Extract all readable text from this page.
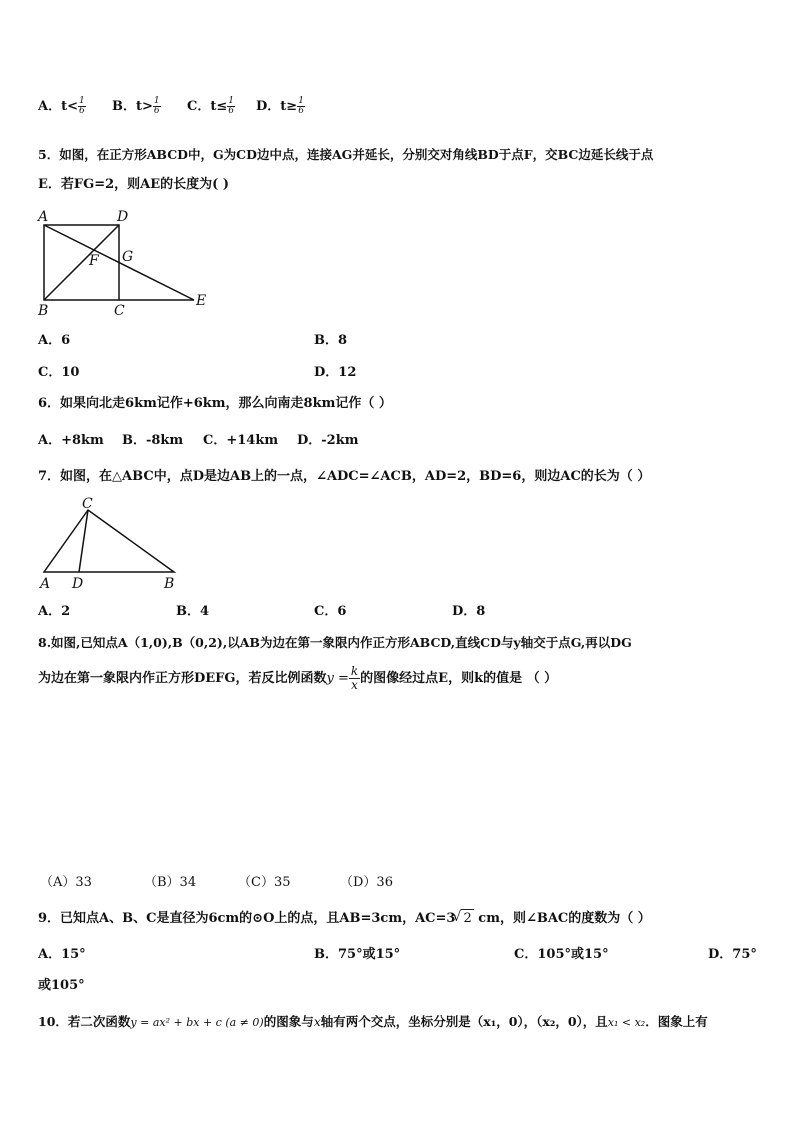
A．$t< \frac{1}{6}$ B．$t> \frac{1}{6}$ C．$t\le \frac{1}{6}$ D．$t\ge \frac{1}{6}$
5．如图，在正方形ABCD中，G为CD边中点，连接AG并延长，分别交对角线BD于点F，交BC边延长线于点
E．若FG=2，则AE的长度为( )
A	D
B	C
F G
E
A．6	B．8
C．10	D．12
6．如果向北走6km记作+6km，那么向南走8km记作（ ）
A．+8km B．-8km C．+14km D．-2km
7．如图，在△ABC中，点D是边AB上的一点，∠ADC=∠ACB，AD=2，BD=6，则边AC的长为（ ）
C
A D	B
A．2	B．4	C．6	D．8
8.如图,已知点A（1,0),B（0,2),以AB为边在第一象限内作正方形ABCD,直线CD与y轴交于点G,再以DG
为边在第一象限内作正方形DEFG，若反比例函数$y = \frac{k}{x}$ 的图像经过点E，则k的值是 （ ）
（A）33	（B）34	（C）35	（D）36
9．已知点A、B、C是直径为6cm的⊙O上的点，且AB=3cm，AC=3√ 2 cm，则∠BAC的度数为（ ）
A．15°	B．75°或15°	C．105°或15°	D．75°
或105°
10．若二次函数y = ax² + bx + c (a ≠ 0)的图象与x轴有两个交点，坐标分别是（x₁，0），（x₂，0），且x₁ < x₂．图象上有
